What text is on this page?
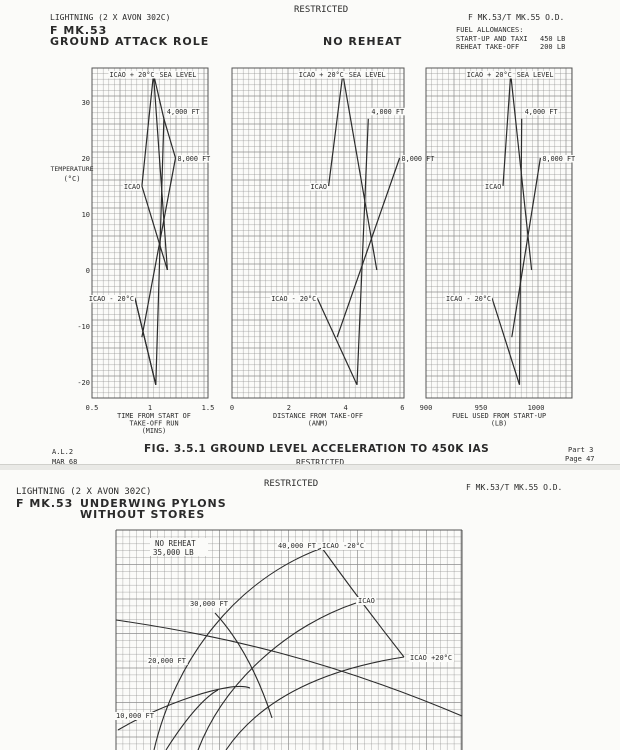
RESTRICTED
LIGHTNING (2 X AVON 302C)
F MK.53
GROUND ATTACK ROLE	NO REHEAT
F MK.53/T MK.55 O.D.
FUEL ALLOWANCES:
START-UP AND TAXI 450 LB
REHEAT TAKE-OFF	200 LB
A.L.2
MAR 68
FIG. 3.5.1 GROUND LEVEL ACCELERATION TO 450K IAS	Part 3
Page 47
RESTRICTED
RESTRICTED
LIGHTNING (2 X AVON 302C)
F MK.53 UNDERWING PYLONS
WITHOUT STORES
F MK.53/T MK.55 O.D.
ICAO + 20°C SEA LEVEL
4,000 FT
8,000 FT
ICAO
ICAO - 20°C
0.5	1	1.5
TIME FROM START OF
TAKE-OFF RUN
(MINS)
30
20
10
0
-10
-20
TEMPERATURE
(°C)
ICAO + 20°C SEA LEVEL
4,000 FT
8,000 FT
ICAO
ICAO - 20°C
0	2	4	6
DISTANCE FROM TAKE-OFF
(ANM)
ICAO + 20°C SEA LEVEL
4,000 FT
8,000 FT
ICAO
ICAO - 20°C
900	950	1000
FUEL USED FROM START-UP
(LB)
NO REHEAT
35,000 LB
40,000 FT
30,000 FT
20,000 FT
10,000 FT
ICAO -20°C
ICAO
ICAO +20°C
